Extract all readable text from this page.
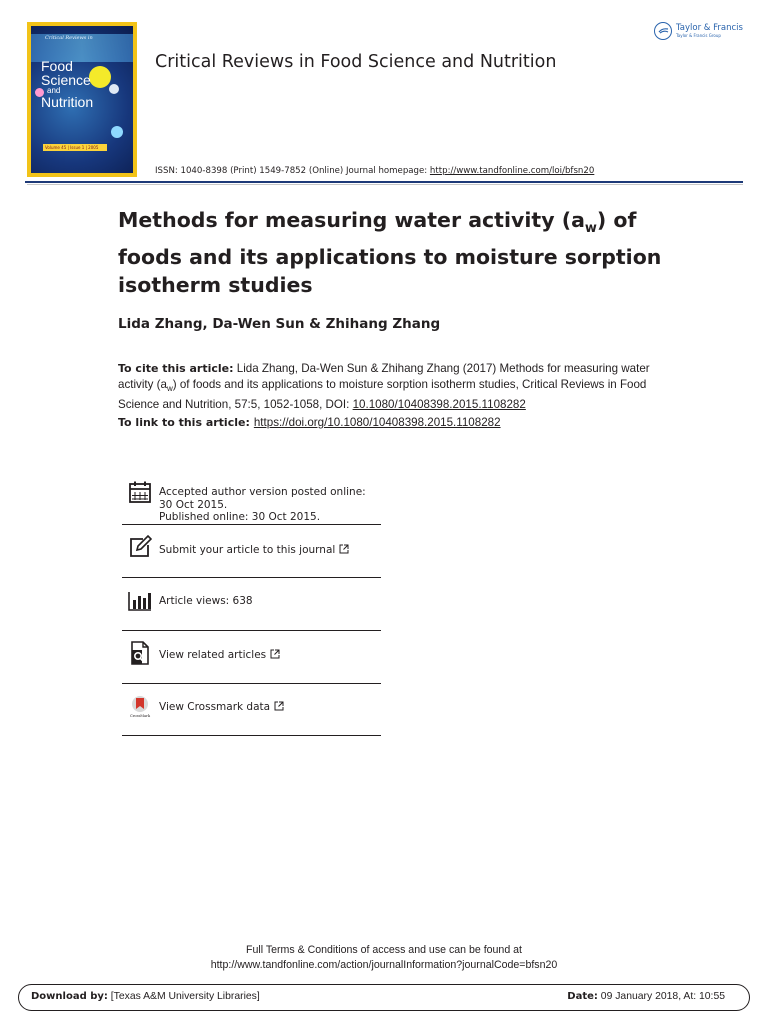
Critical Reviews in
Food
Science
and
Nutrition
Volume 45 | Issue 1 | 2005
Critical Reviews in Food Science and Nutrition
ISSN: 1040-8398 (Print) 1549-7852 (Online) Journal homepage: http://www.tandfonline.com/loi/bfsn20
Taylor & Francis
Taylor & Francis Group
Methods for measuring water activity $(a_w)$ of foods and its applications to moisture sorption isotherm studies
Lida Zhang, Da-Wen Sun & Zhihang Zhang
To cite this article: Lida Zhang, Da-Wen Sun & Zhihang Zhang (2017) Methods for measuring water activity $(a_w)$ of foods and its applications to moisture sorption isotherm studies, Critical Reviews in Food Science and Nutrition, 57:5, 1052-1058, DOI: 10.1080/10408398.2015.1108282
To link to this article: https://doi.org/10.1080/10408398.2015.1108282
Accepted author version posted online: 30 Oct 2015.
Published online: 30 Oct 2015.
Submit your article to this journal
Article views: 638
View related articles
CrossMark
View Crossmark data
Full Terms & Conditions of access and use can be found at
http://www.tandfonline.com/action/journalInformation?journalCode=bfsn20
Download by: [Texas A&M University Libraries]	Date: 09 January 2018, At: 10:55
